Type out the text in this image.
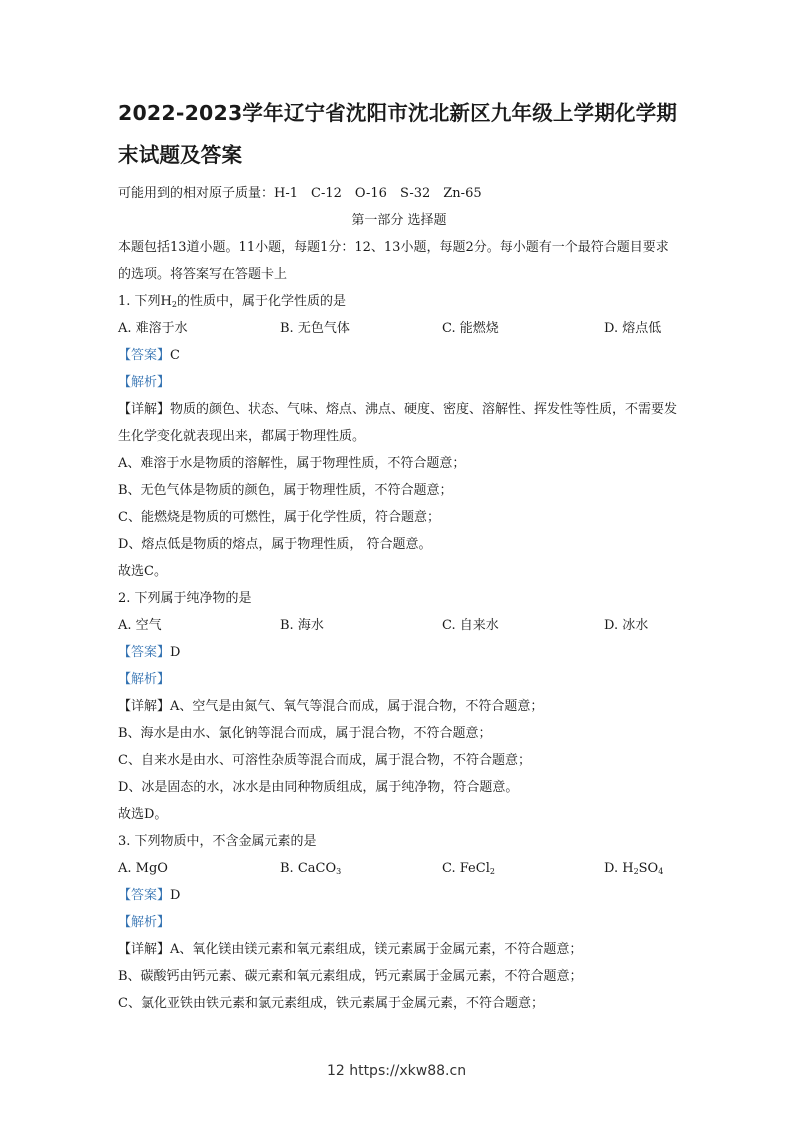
2022-2023学年辽宁省沈阳市沈北新区九年级上学期化学期末试题及答案
可能用到的相对原子质量：H-1　C-12　O-16　S-32　Zn-65
第一部分 选择题
本题包括13道小题。11小题，每题1分：12、13小题，每题2分。每小题有一个最符合题目要求的选项。将答案写在答题卡上
1. 下列$H_2$的性质中，属于化学性质的是
A. 难溶于水	B. 无色气体	C. 能燃烧	D. 熔点低
【答案】C
【解析】
【详解】物质的颜色、状态、气味、熔点、沸点、硬度、密度、溶解性、挥发性等性质，不需要发生化学变化就表现出来，都属于物理性质。
A、难溶于水是物质的溶解性，属于物理性质，不符合题意；
B、无色气体是物质的颜色，属于物理性质，不符合题意；
C、能燃烧是物质的可燃性，属于化学性质，符合题意；
D、熔点低是物质的熔点，属于物理性质， 符合题意。
故选C。
2. 下列属于纯净物的是
A. 空气	B. 海水	C. 自来水	D. 冰水
【答案】D
【解析】
【详解】A、空气是由氮气、氧气等混合而成，属于混合物，不符合题意；
B、海水是由水、氯化钠等混合而成，属于混合物，不符合题意；
C、自来水是由水、可溶性杂质等混合而成，属于混合物，不符合题意；
D、冰是固态的水，冰水是由同种物质组成，属于纯净物，符合题意。
故选D。
3. 下列物质中，不含金属元素的是
A. MgO	B. CaCO$_3$	C. FeCl$_2$	D. $H_2SO_4$
【答案】D
【解析】
【详解】A、氧化镁由镁元素和氧元素组成，镁元素属于金属元素，不符合题意；
B、碳酸钙由钙元素、碳元素和氧元素组成，钙元素属于金属元素，不符合题意；
C、氯化亚铁由铁元素和氯元素组成，铁元素属于金属元素，不符合题意；
12 https://xkw88.cn
